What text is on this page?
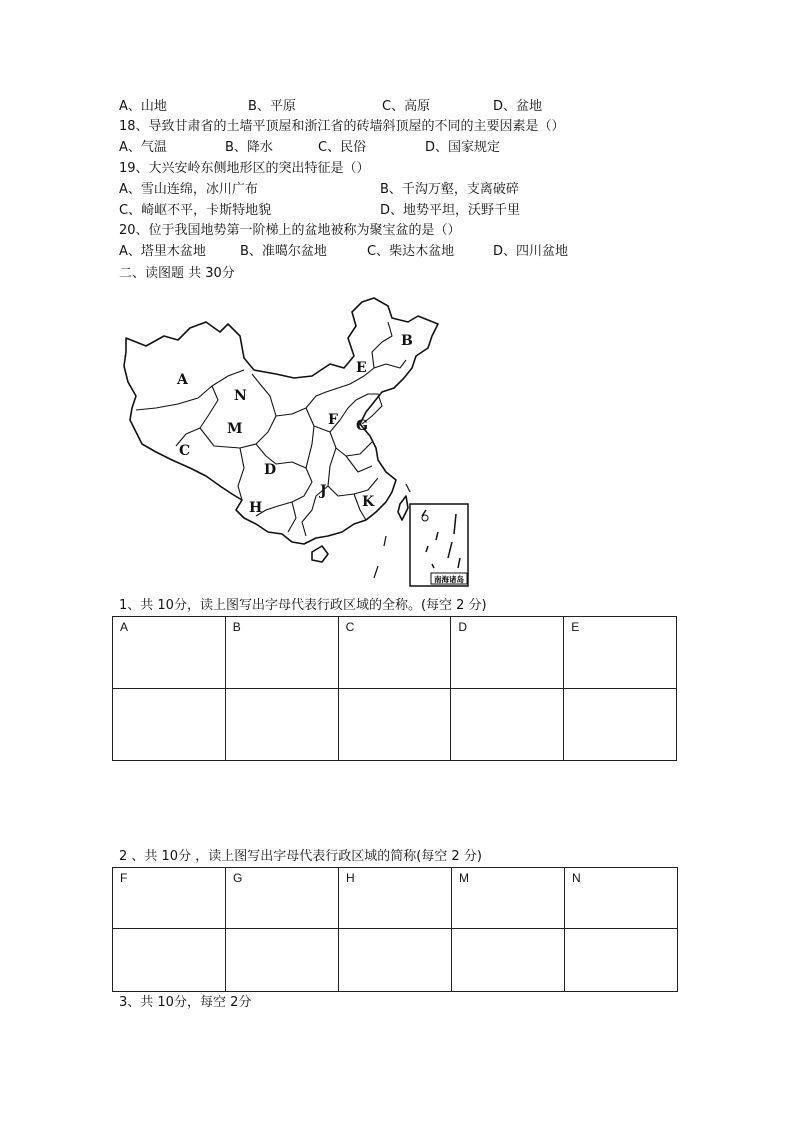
A、山地	B、平原	C、高原	D、盆地
18、导致甘肃省的土墙平顶屋和浙江省的砖墙斜顶屋的不同的主要因素是（）
A、气温	B、降水	C、民俗	D、国家规定
19、大兴安岭东侧地形区的突出特征是（）
A、雪山连绵，冰川广布	B、千沟万壑，支离破碎
C、崎岖不平，卡斯特地貌	D、地势平坦，沃野千里
20、位于我国地势第一阶梯上的盆地被称为聚宝盆的是（）
A、塔里木盆地	B、准噶尔盆地	C、柴达木盆地	D、四川盆地
二、读图题 共 30分
南海诸岛
A
B
C
D
E
F G
H
J
K
M
N
1、共 10分，读上图写出字母代表行政区域的全称。(每空 2 分)
A	B	C	D	E

2 、共 10分 ，读上图写出字母代表行政区域的简称(每空 2 分)
F	G	H	M	N

3、共 10分，每空 2分
